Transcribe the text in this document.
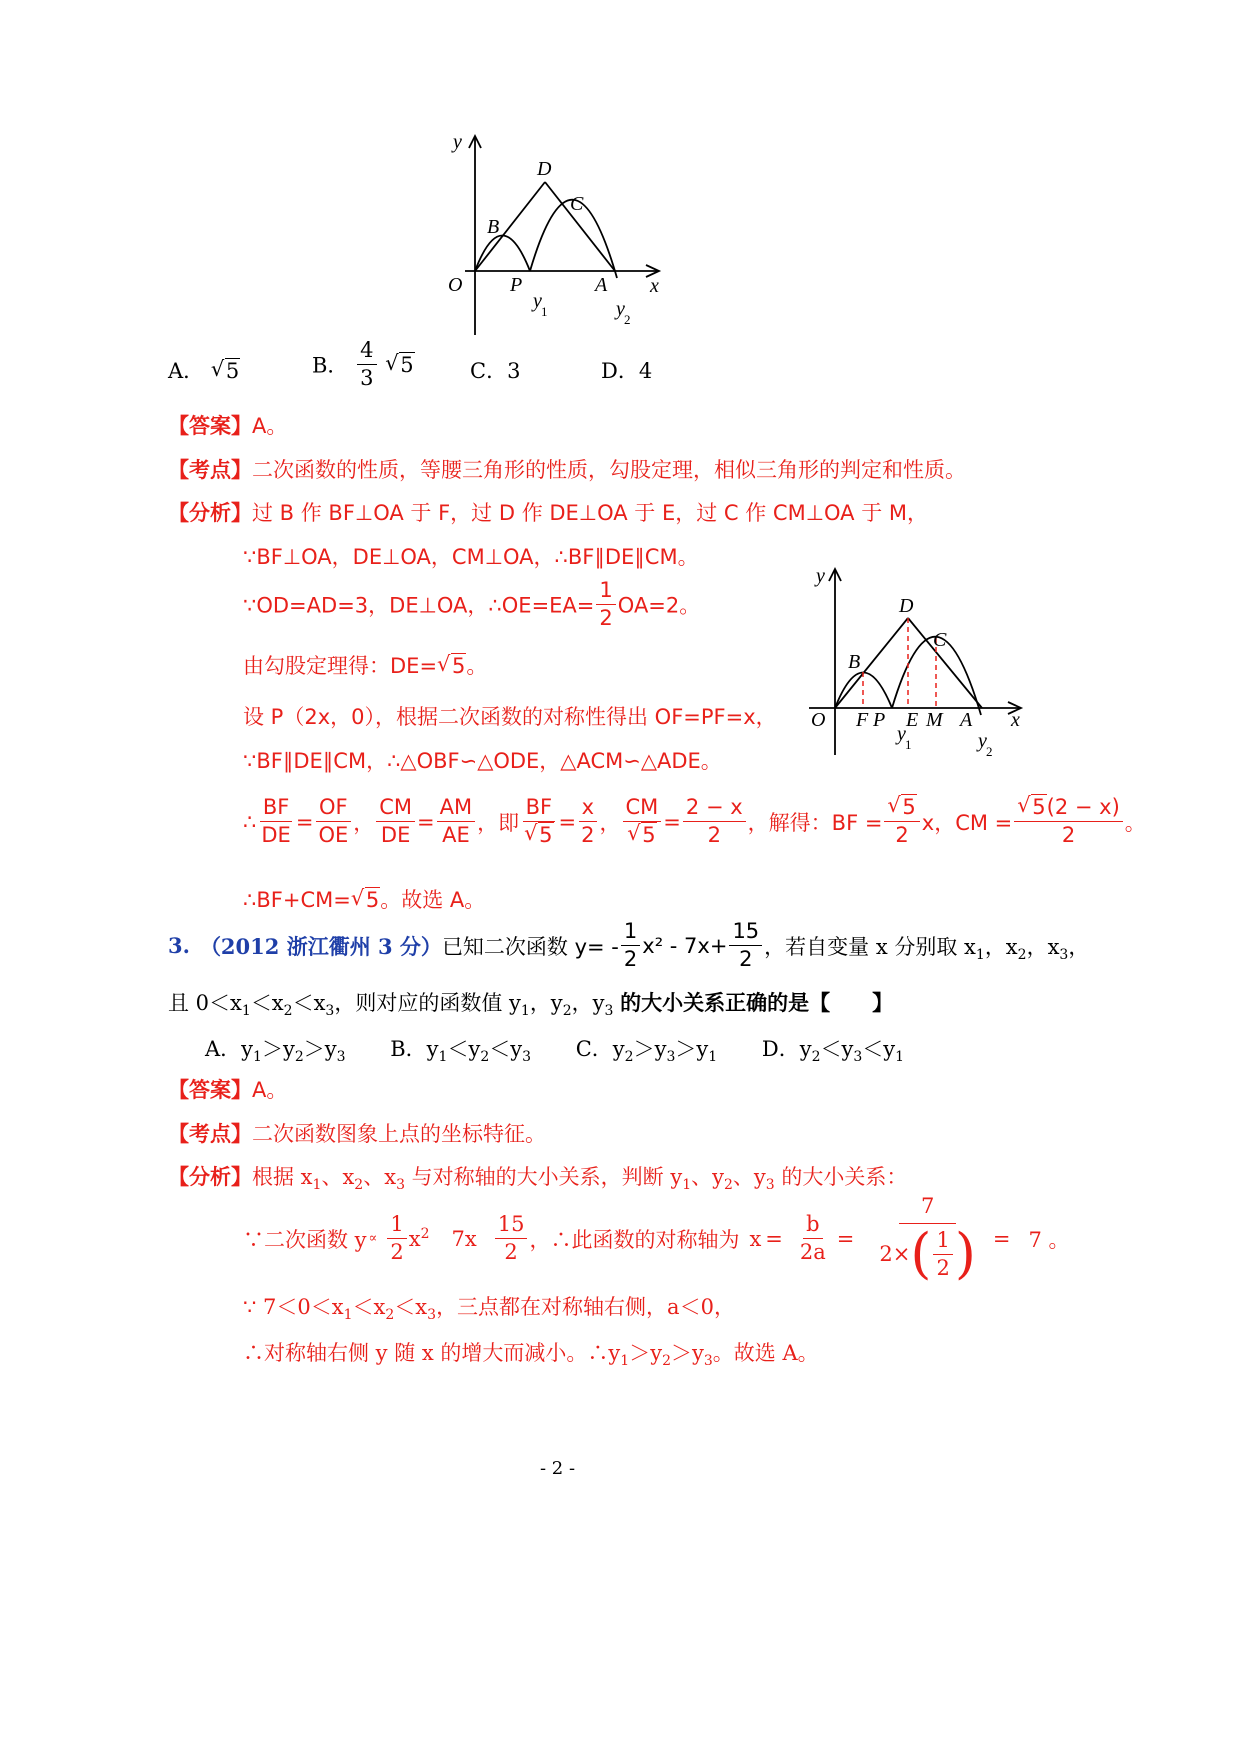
y
x
O P	A
B
C
D
y 1	y 2
A． √ 5	B． $\frac{4}{3}$ √ 5	C．3	D．4
【答案】A。
【考点】二次函数的性质，等腰三角形的性质，勾股定理，相似三角形的判定和性质。
【分析】过 B 作 BF⊥OA 于 F，过 D 作 DE⊥OA 于 E，过 C 作 CM⊥OA 于 M，
∵BF⊥OA，DE⊥OA，CM⊥OA，∴BF∥DE∥CM。
∵OD=AD=3，DE⊥OA，∴OE=EA= $\frac{1}{2} OA=2$。
由勾股定理得：DE= √ 5。
设 P（2x，0），根据二次函数的对称性得出 OF=PF=x，
∵BF∥DE∥CM，∴△OBF∽△ODE，△ACM∽△ADE。
y
x
O F P E M A
B
C
D
y 1	y 2
∴ $\frac{BF}{DE} = \frac{OF}{OE}$ ， $\frac{CM}{DE} = \frac{AM}{AE}$ ，即 BF
√ $5 = \frac{x}{2}$ ， CM
√ $5 = \frac{2 - x}{2}$ ，解得：BF = √ $\frac{5}{2}$ x，CM = √ $\frac{5(2 - x)}{2}$ 。
∴BF+CM= √ 5。故选 A。
3. （2012 浙江衢州 3 分） 已知二次函数 $y= - \frac{1}{2} x^2 - 7x+ \frac{15}{2}$ ，若自变量 x 分别取 $x_1$，$x_2$，$x_3$，
且 $0<x_1<x_2<x_3$，则对应的函数值 $y_1$，$y_2$，$y_3$ 的大小关系正确的是【 】
A．$y_1>y_2>y_3$ B．$y_1<y_2<y_3$ C．$y_2>y_3>y_1$ D．$y_2<y_3<y_1$
【答案】A。
【考点】二次函数图象上点的坐标特征。
【分析】根据 $x_1$、$x_2$、$x_3$ 与对称轴的大小关系，判断 $y_1$、$y_2$、$y_3$ 的大小关系：
∵二次函数 $y \propto \frac{1}{2} x^2$ $7x \frac{15}{2}$ ，∴此函数的对称轴为 $x = \frac{b}{2a} = \frac{7}{2\times ( \frac{1}{2} )} = 7$ 。
∵ $7<0<x_1<x_2<x_3$，三点都在对称轴右侧，a＜0，
∴对称轴右侧 y 随 x 的增大而减小。$\therefore y_1>y_2>y_3$。故选 A。
- 2 -
